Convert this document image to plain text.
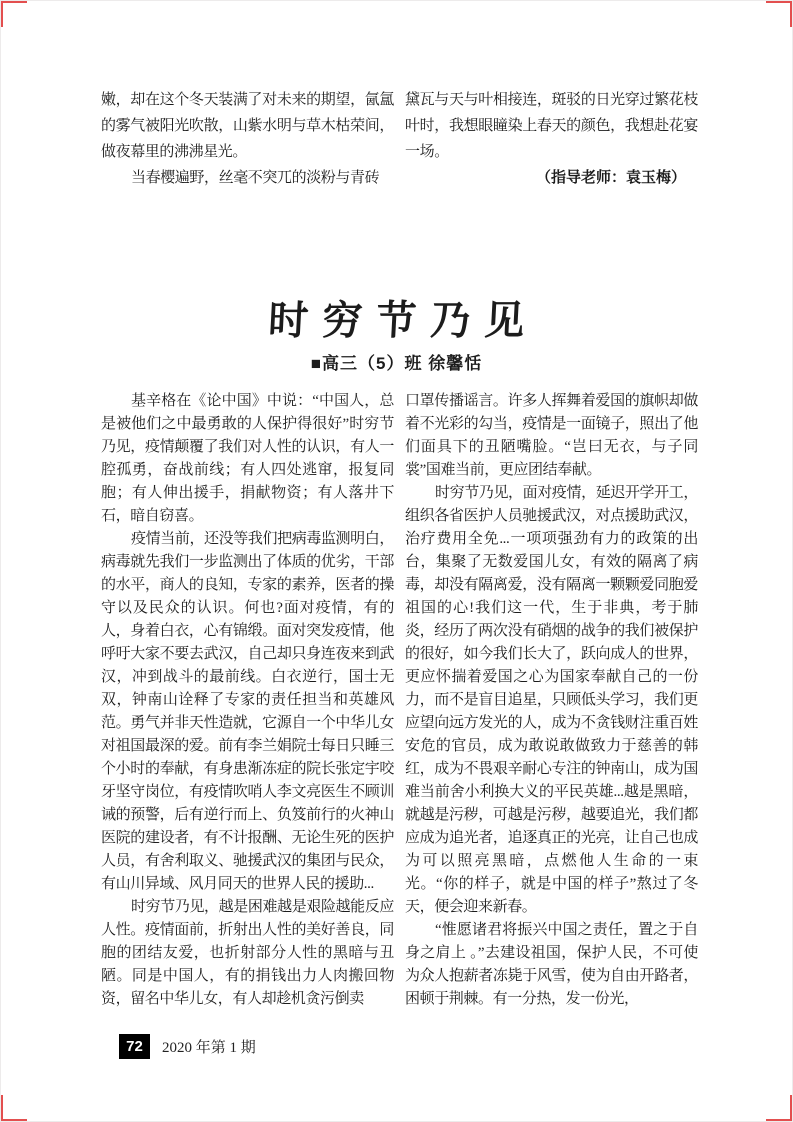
嫩，却在这个冬天装满了对未来的期望，氤氲的雾气被阳光吹散，山紫水明与草木枯荣间，做夜幕里的沸沸星光。

当春樱遍野，丝毫不突兀的淡粉与青砖

黛瓦与天与叶相接连，斑驳的日光穿过繁花枝叶时，我想眼瞳染上春天的颜色，我想赴花宴一场。

（指导老师：袁玉梅）

时穷节乃见
■高三（5）班 徐馨恬

基辛格在《论中国》中说：“中国人，总是被他们之中最勇敢的人保护得很好”时穷节乃见，疫情颠覆了我们对人性的认识，有人一腔孤勇，奋战前线；有人四处逃窜，报复同胞；有人伸出援手，捐献物资；有人落井下石，暗自窃喜。

疫情当前，还没等我们把病毒监测明白，病毒就先我们一步监测出了体质的优劣，干部的水平，商人的良知，专家的素养，医者的操守以及民众的认识。何也?面对疫情，有的人，身着白衣，心有锦缎。面对突发疫情，他呼吁大家不要去武汉，自己却只身连夜来到武汉，冲到战斗的最前线。白衣逆行，国士无双，钟南山诠释了专家的责任担当和英雄风范。勇气并非天性造就，它源自一个中华儿女对祖国最深的爱。前有李兰娟院士每日只睡三个小时的奉献，有身患渐冻症的院长张定宇咬牙坚守岗位，有疫情吹哨人李文亮医生不顾训诫的预警，后有逆行而上、负笈前行的火神山医院的建设者，有不计报酬、无论生死的医护人员，有舍利取义、驰援武汉的集团与民众，有山川异域、风月同天的世界人民的援助...

时穷节乃见，越是困难越是艰险越能反应人性。疫情面前，折射出人性的美好善良，同胞的团结友爱，也折射部分人性的黑暗与丑陋。同是中国人，有的捐钱出力人肉搬回物资，留名中华儿女，有人却趁机贪污倒卖

口罩传播谣言。许多人挥舞着爱国的旗帜却做着不光彩的勾当，疫情是一面镜子，照出了他们面具下的丑陋嘴脸。“岂曰无衣，与子同裳”国难当前，更应团结奉献。

时穷节乃见，面对疫情，延迟开学开工，组织各省医护人员驰援武汉，对点援助武汉，治疗费用全免...一项项强劲有力的政策的出台，集聚了无数爱国儿女，有效的隔离了病毒，却没有隔离爱，没有隔离一颗颗爱同胞爱祖国的心!我们这一代，生于非典，考于肺炎，经历了两次没有硝烟的战争的我们被保护的很好，如今我们长大了，跃向成人的世界，更应怀揣着爱国之心为国家奉献自己的一份力，而不是盲目追星，只顾低头学习，我们更应望向远方发光的人，成为不贪钱财注重百姓安危的官员，成为敢说敢做致力于慈善的韩红，成为不畏艰辛耐心专注的钟南山，成为国难当前舍小利换大义的平民英雄...越是黑暗，就越是污秽，可越是污秽，越要追光，我们都应成为追光者，追逐真正的光亮，让自己也成为可以照亮黑暗，点燃他人生命的一束光。“你的样子，就是中国的样子”熬过了冬天，便会迎来新春。

“惟愿诸君将振兴中国之责任，置之于自身之肩上 。”去建设祖国，保护人民，不可使为众人抱薪者冻毙于风雪，使为自由开路者，困顿于荆棘。有一分热，发一份光，

72	2020 年第 1 期
